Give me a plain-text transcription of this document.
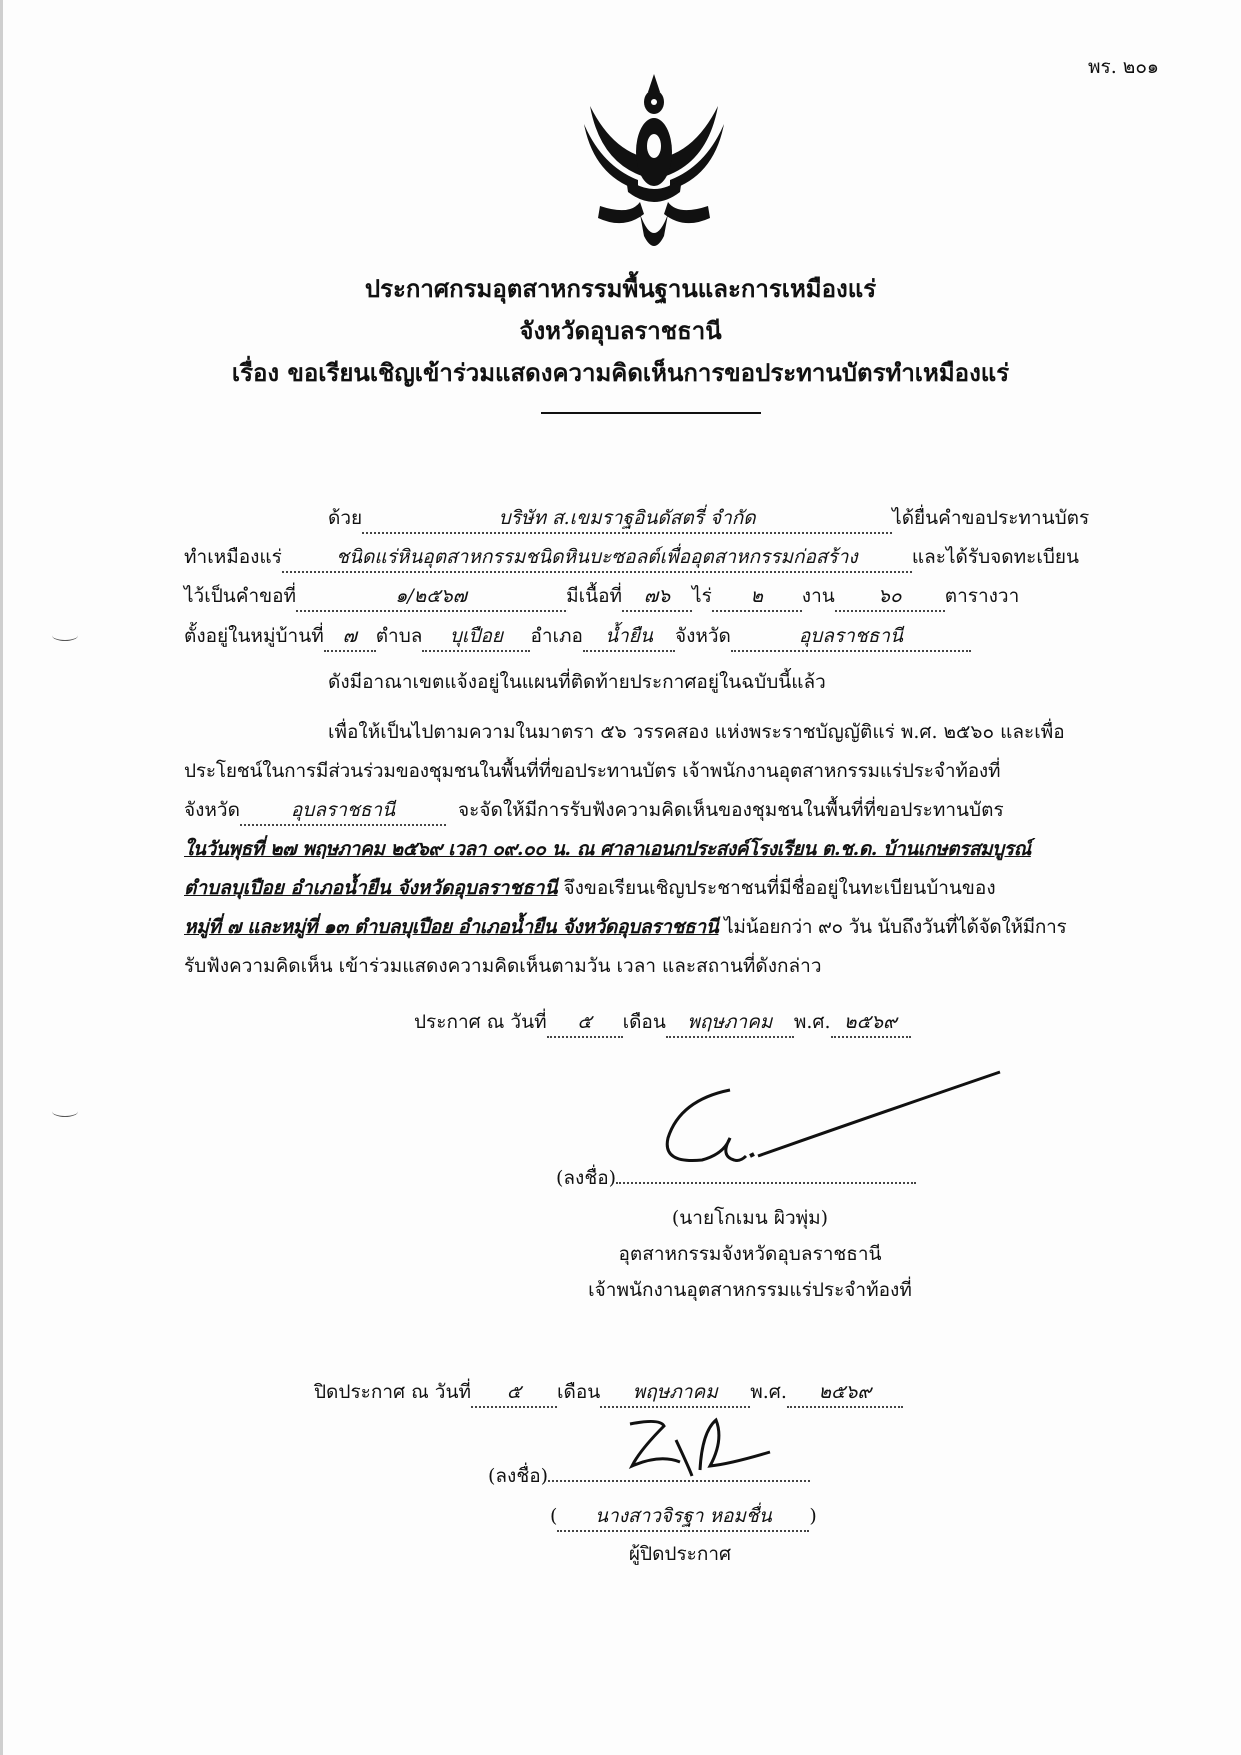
พร. ๒๐๑
ประกาศกรมอุตสาหกรรมพื้นฐานและการเหมืองแร่
จังหวัดอุบลราชธานี
เรื่อง ขอเรียนเชิญเข้าร่วมแสดงความคิดเห็นการขอประทานบัตรทำเหมืองแร่
ด้วย	บริษัท ส.เขมราฐอินดัสตรี่ จำกัด	ได้ยื่นคำขอประทานบัตร
ทำเหมืองแร่	ชนิดแร่หินอุตสาหกรรมชนิดหินบะซอลต์เพื่ออุตสาหกรรมก่อสร้าง	และได้รับจดทะเบียน
ไว้เป็นคำขอที่	๑/๒๕๖๗	มีเนื้อที่ ๗๖ ไร่ ๒ งาน ๖๐ ตารางวา
ตั้งอยู่ในหมู่บ้านที่ ๗ ตำบล บุเปือย อำเภอ น้ำยืน จังหวัด	อุบลราชธานี
ดังมีอาณาเขตแจ้งอยู่ในแผนที่ติดท้ายประกาศอยู่ในฉบับนี้แล้ว
เพื่อให้เป็นไปตามความในมาตรา ๕๖ วรรคสอง แห่งพระราชบัญญัติแร่ พ.ศ. ๒๕๖๐ และเพื่อ
ประโยชน์ในการมีส่วนร่วมของชุมชนในพื้นที่ที่ขอประทานบัตร เจ้าพนักงานอุตสาหกรรมแร่ประจำท้องที่
จังหวัด	อุบลราชธานี	จะจัดให้มีการรับฟังความคิดเห็นของชุมชนในพื้นที่ที่ขอประทานบัตร
ในวันพุธที่ ๒๗ พฤษภาคม ๒๕๖๙ เวลา ๐๙.๐๐ น. ณ ศาลาเอนกประสงค์โรงเรียน ต.ช.ด. บ้านเกษตรสมบูรณ์
ตำบลบุเปือย อำเภอน้ำยืน จังหวัดอุบลราชธานี จึงขอเรียนเชิญประชาชนที่มีชื่ออยู่ในทะเบียนบ้านของ
หมู่ที่ ๗ และหมู่ที่ ๑๓ ตำบลบุเปือย อำเภอน้ำยืน จังหวัดอุบลราชธานี ไม่น้อยกว่า ๙๐ วัน นับถึงวันที่ได้จัดให้มีการ
รับฟังความคิดเห็น เข้าร่วมแสดงความคิดเห็นตามวัน เวลา และสถานที่ดังกล่าว
ประกาศ ณ วันที่ ๕ เดือน พฤษภาคม พ.ศ. ๒๕๖๙
(ลงชื่อ)
(นายโกเมน ผิวพุ่ม)
อุตสาหกรรมจังหวัดอุบลราชธานี
เจ้าพนักงานอุตสาหกรรมแร่ประจำท้องที่
ปิดประกาศ ณ วันที่ ๕ เดือน พฤษภาคม พ.ศ. ๒๕๖๙
(ลงชื่อ)
( นางสาวจิรฐา หอมชื่น )
ผู้ปิดประกาศ
